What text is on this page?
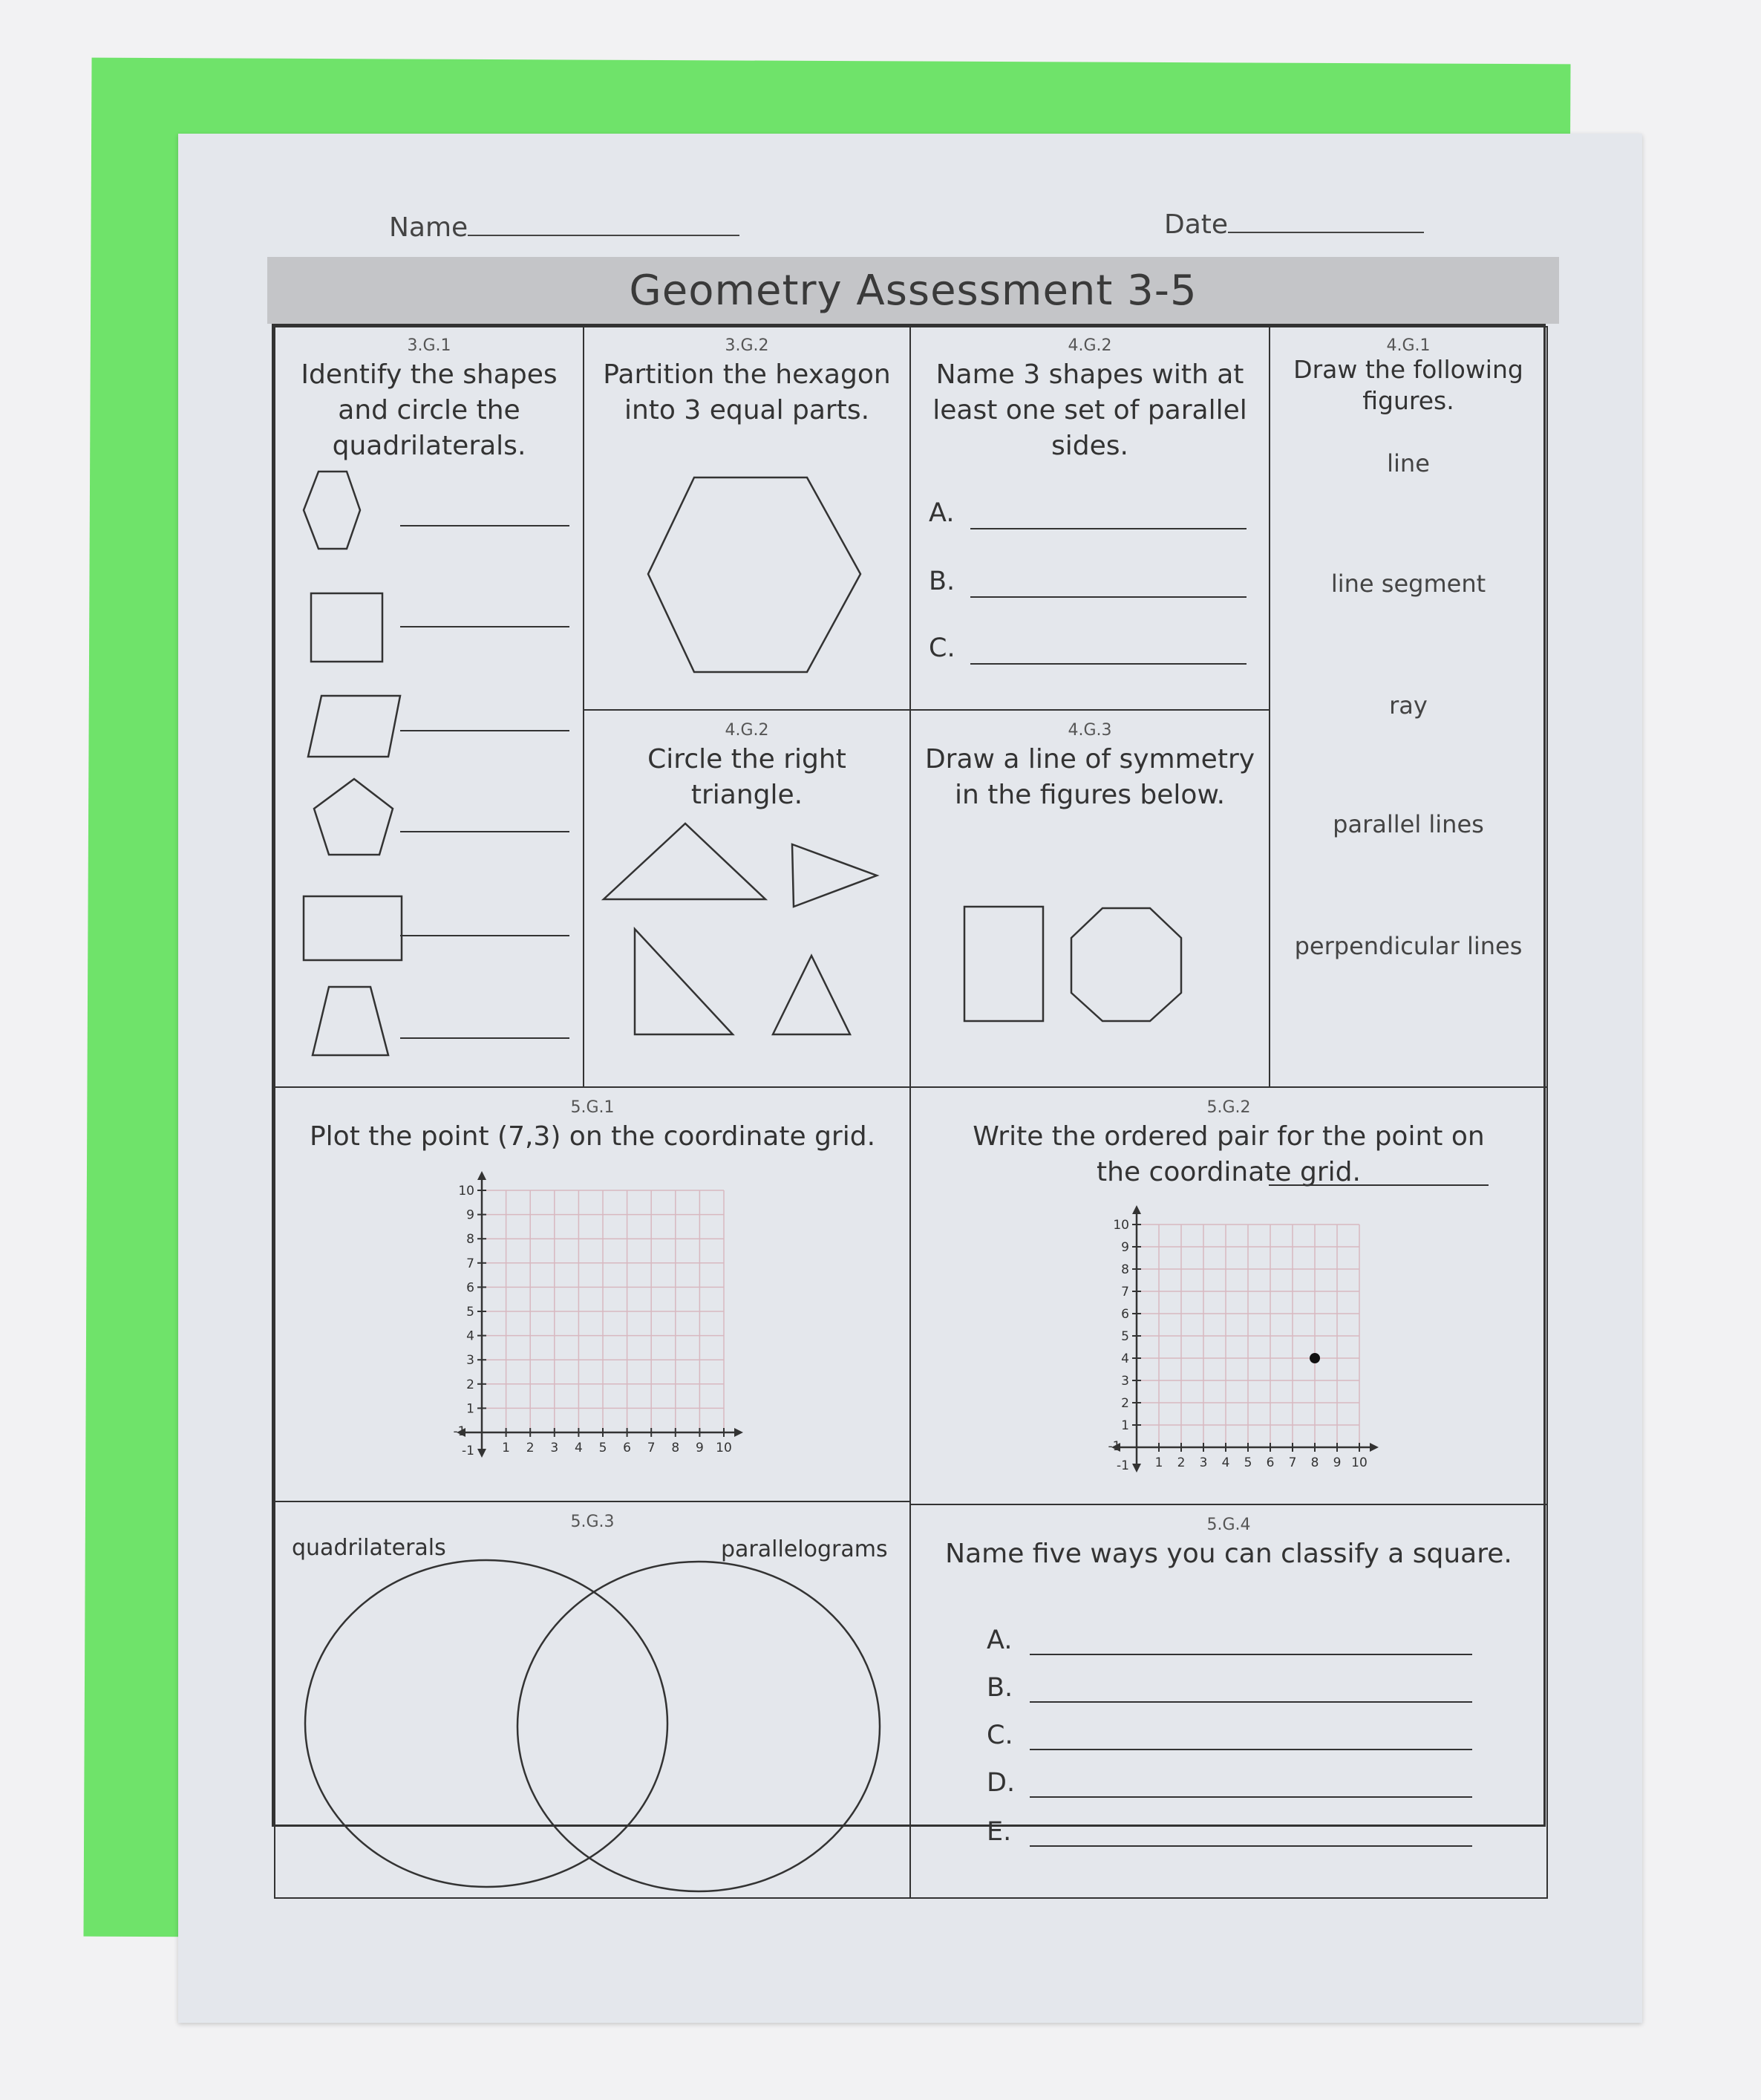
Name	Date
Geometry Assessment 3-5
3.G.1
Identify the shapes and circle the quadrilaterals.
3.G.2
Partition the hexagon into 3 equal parts.
4.G.2
Name 3 shapes with at least one set of parallel sides.
A.
B.
C.
4.G.1
Draw the following figures.
line
line segment
ray
parallel lines
perpendicular lines
4.G.2
Circle the right triangle.
4.G.3
Draw a line of symmetry in the figures below.
5.G.1
Plot the point (7,3) on the coordinate grid.
1
1
2
2
3
3
4
4
5
5
6
6
7
7
8
8
9
9
10
10
-1
-1
5.G.2
Write the ordered pair for the point on the coordinate grid.
1
1
2
2
3
3
4
4
5
5
6
6
7
7
8
8
9
9
10
10
-1
-1
5.G.3
quadrilaterals	parallelograms
5.G.4
Name five ways you can classify a square.
A.
B.
C.
D.
E.
